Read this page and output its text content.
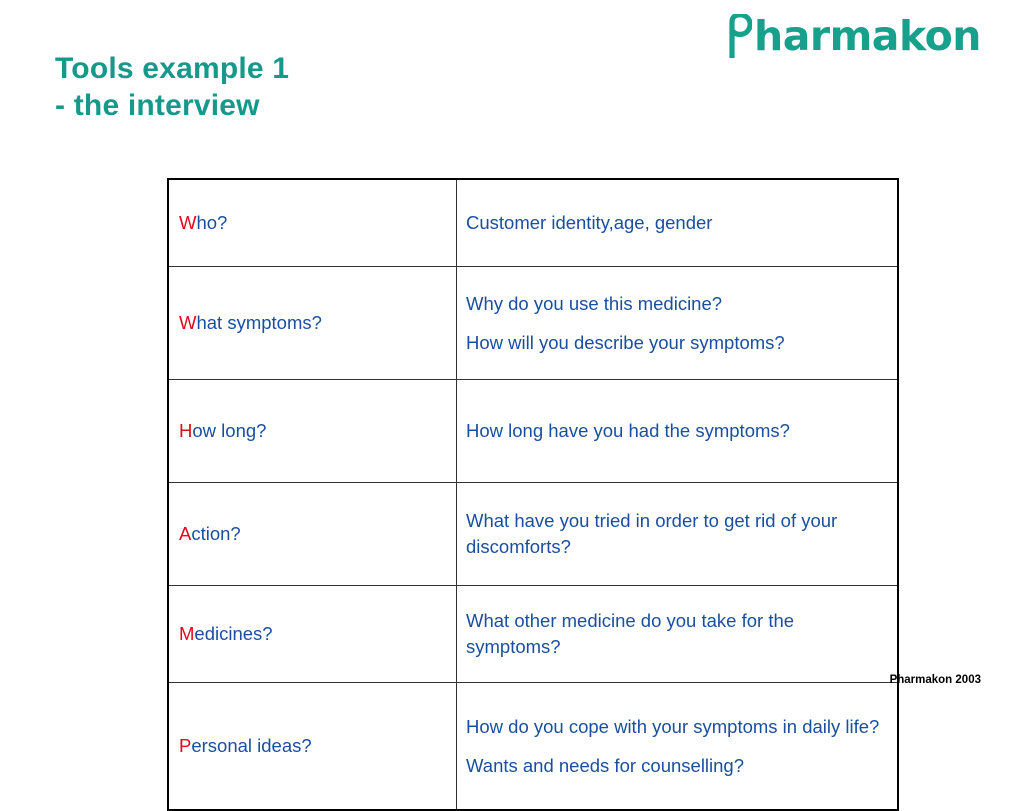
harmakon
Tools example 1
- the interview
Who?	Customer identity,age, gender

What symptoms?	Why do you use this medicine?
How will you describe your symptoms?

How long?	How long have you had the symptoms?

Action?	What have you tried in order to get rid of your discomforts?

Medicines?	What other medicine do you take for the symptoms?

Personal ideas?	How do you cope with your symptoms in daily life?
Wants and needs for counselling?
Pharmakon 2003
